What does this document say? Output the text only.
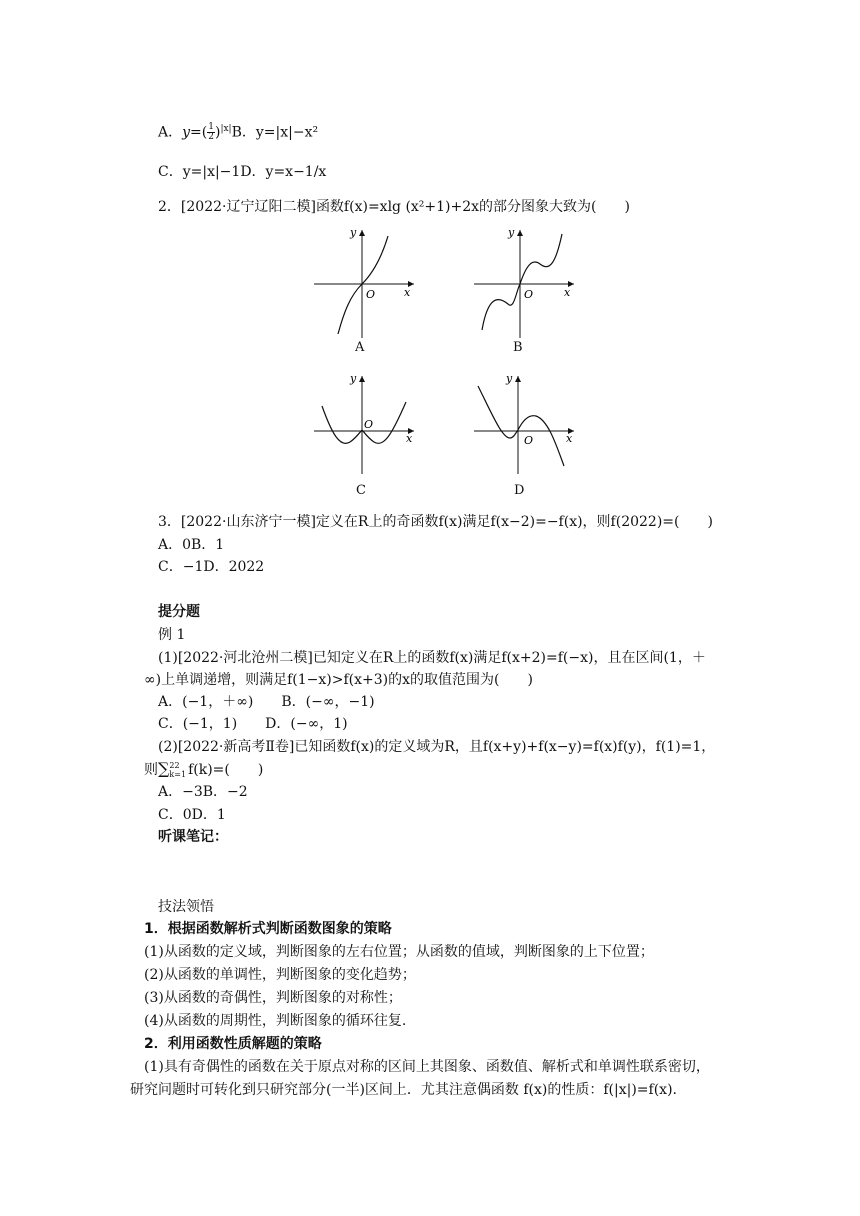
A．$y=( \frac{1}{2} )^{|x|}B$．y=|x|−x²
C．y=|x|−1D．y=x−1/x
2．[2022·辽宁辽阳二模]函数f(x)=xlg (x²+1)+2x的部分图象大致为(　　)
y
x
O
A
y
x
O
B
y
x
O
C
y
x
O
D
3．[2022·山东济宁一模]定义在R上的奇函数f(x)满足f(x−2)=−f(x)，则f(2022)=(　　)
A．0B．1
C．−1D．2022
提分题
例 1
(1)[2022·河北沧州二模]已知定义在R上的函数f(x)满足f(x+2)=f(−x)，且在区间(1，＋
∞)上单调递增，则满足f(1−x)>f(x+3)的x的取值范围为(　　)
A．(−1，＋∞)　　B．(−∞，−1)
C．(−1，1)　　D．(−∞，1)
(2)[2022·新高考Ⅱ卷]已知函数f(x)的定义域为R，且f(x+y)+f(x−y)=f(x)f(y)，f(1)=1，
则∑ 22
k=1 f(k)=(　　)
A．−3B．−2
C．0D．1
听课笔记：
技法领悟
1．根据函数解析式判断函数图象的策略
(1)从函数的定义域，判断图象的左右位置；从函数的值域，判断图象的上下位置；
(2)从函数的单调性，判断图象的变化趋势；
(3)从函数的奇偶性，判断图象的对称性；
(4)从函数的周期性，判断图象的循环往复.
2．利用函数性质解题的策略
(1)具有奇偶性的函数在关于原点对称的区间上其图象、函数值、解析式和单调性联系密切，
研究问题时可转化到只研究部分(一半)区间上．尤其注意偶函数 f(x)的性质：f(|x|)=f(x).
